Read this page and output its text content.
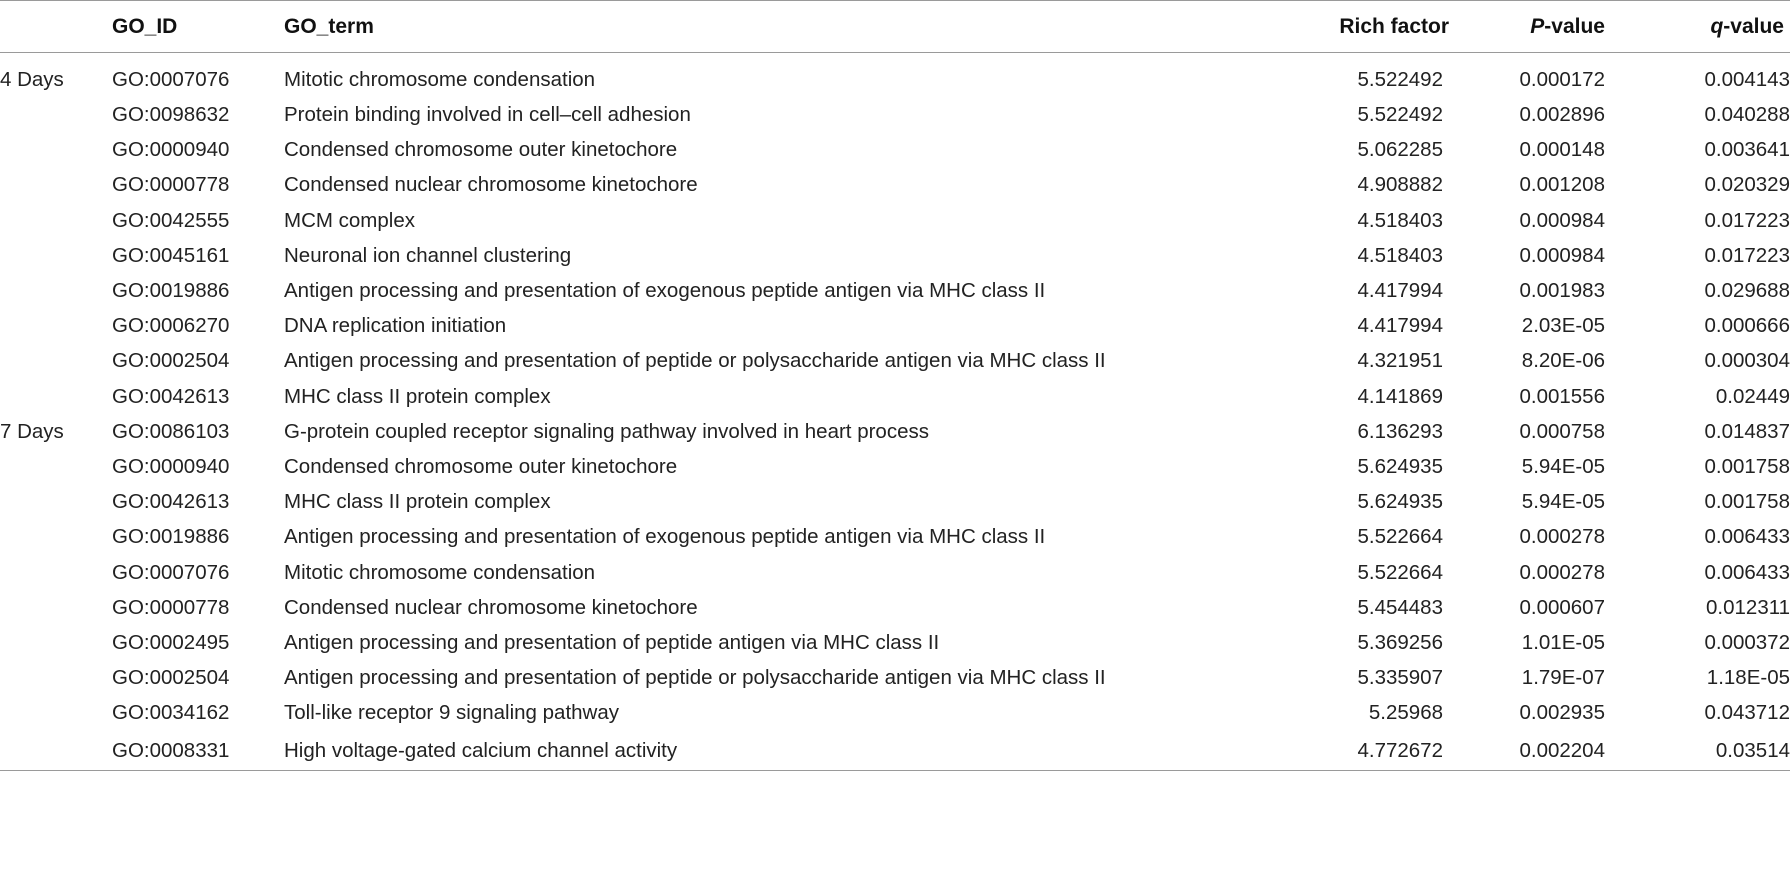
	GO_ID	GO_term	Rich factor	P-value	q-value
4 Days	GO:0007076	Mitotic chromosome condensation	5.522492	0.000172	0.004143
	GO:0098632	Protein binding involved in cell–cell adhesion	5.522492	0.002896	0.040288
	GO:0000940	Condensed chromosome outer kinetochore	5.062285	0.000148	0.003641
	GO:0000778	Condensed nuclear chromosome kinetochore	4.908882	0.001208	0.020329
	GO:0042555	MCM complex	4.518403	0.000984	0.017223
	GO:0045161	Neuronal ion channel clustering	4.518403	0.000984	0.017223
	GO:0019886	Antigen processing and presentation of exogenous peptide antigen via MHC class II	4.417994	0.001983	0.029688
	GO:0006270	DNA replication initiation	4.417994	2.03E-05	0.000666
	GO:0002504	Antigen processing and presentation of peptide or polysaccharide antigen via MHC class II	4.321951	8.20E-06	0.000304
	GO:0042613	MHC class II protein complex	4.141869	0.001556	0.02449
7 Days	GO:0086103	G-protein coupled receptor signaling pathway involved in heart process	6.136293	0.000758	0.014837
	GO:0000940	Condensed chromosome outer kinetochore	5.624935	5.94E-05	0.001758
	GO:0042613	MHC class II protein complex	5.624935	5.94E-05	0.001758
	GO:0019886	Antigen processing and presentation of exogenous peptide antigen via MHC class II	5.522664	0.000278	0.006433
	GO:0007076	Mitotic chromosome condensation	5.522664	0.000278	0.006433
	GO:0000778	Condensed nuclear chromosome kinetochore	5.454483	0.000607	0.012311
	GO:0002495	Antigen processing and presentation of peptide antigen via MHC class II	5.369256	1.01E-05	0.000372
	GO:0002504	Antigen processing and presentation of peptide or polysaccharide antigen via MHC class II	5.335907	1.79E-07	1.18E-05
	GO:0034162	Toll-like receptor 9 signaling pathway	5.25968	0.002935	0.043712
	GO:0008331	High voltage-gated calcium channel activity	4.772672	0.002204	0.03514
